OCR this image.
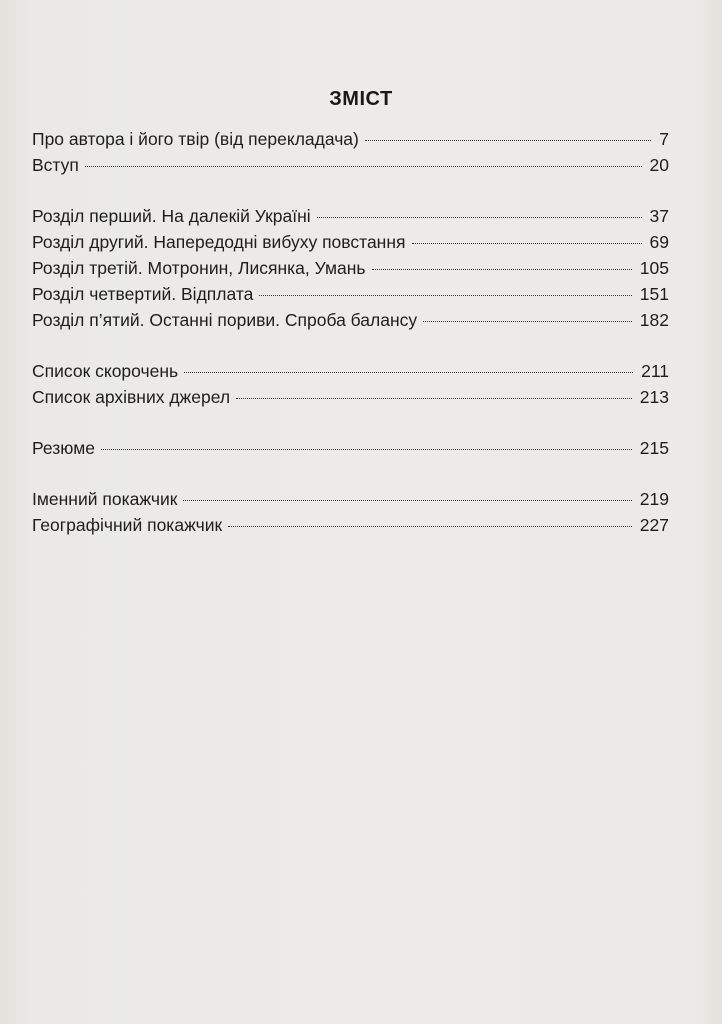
ЗМІСТ
Про автора і його твір (від перекладача)	7
Вступ	20
Розділ перший. На далекій Україні	37
Розділ другий. Напередодні вибуху повстання	69
Розділ третій. Мотронин, Лисянка, Умань	105
Розділ четвертий. Відплата	151
Розділ п’ятий. Останні пориви. Спроба балансу	182
Список скорочень	211
Список архівних джерел	213
Резюме	215
Іменний покажчик	219
Географічний покажчик	227
